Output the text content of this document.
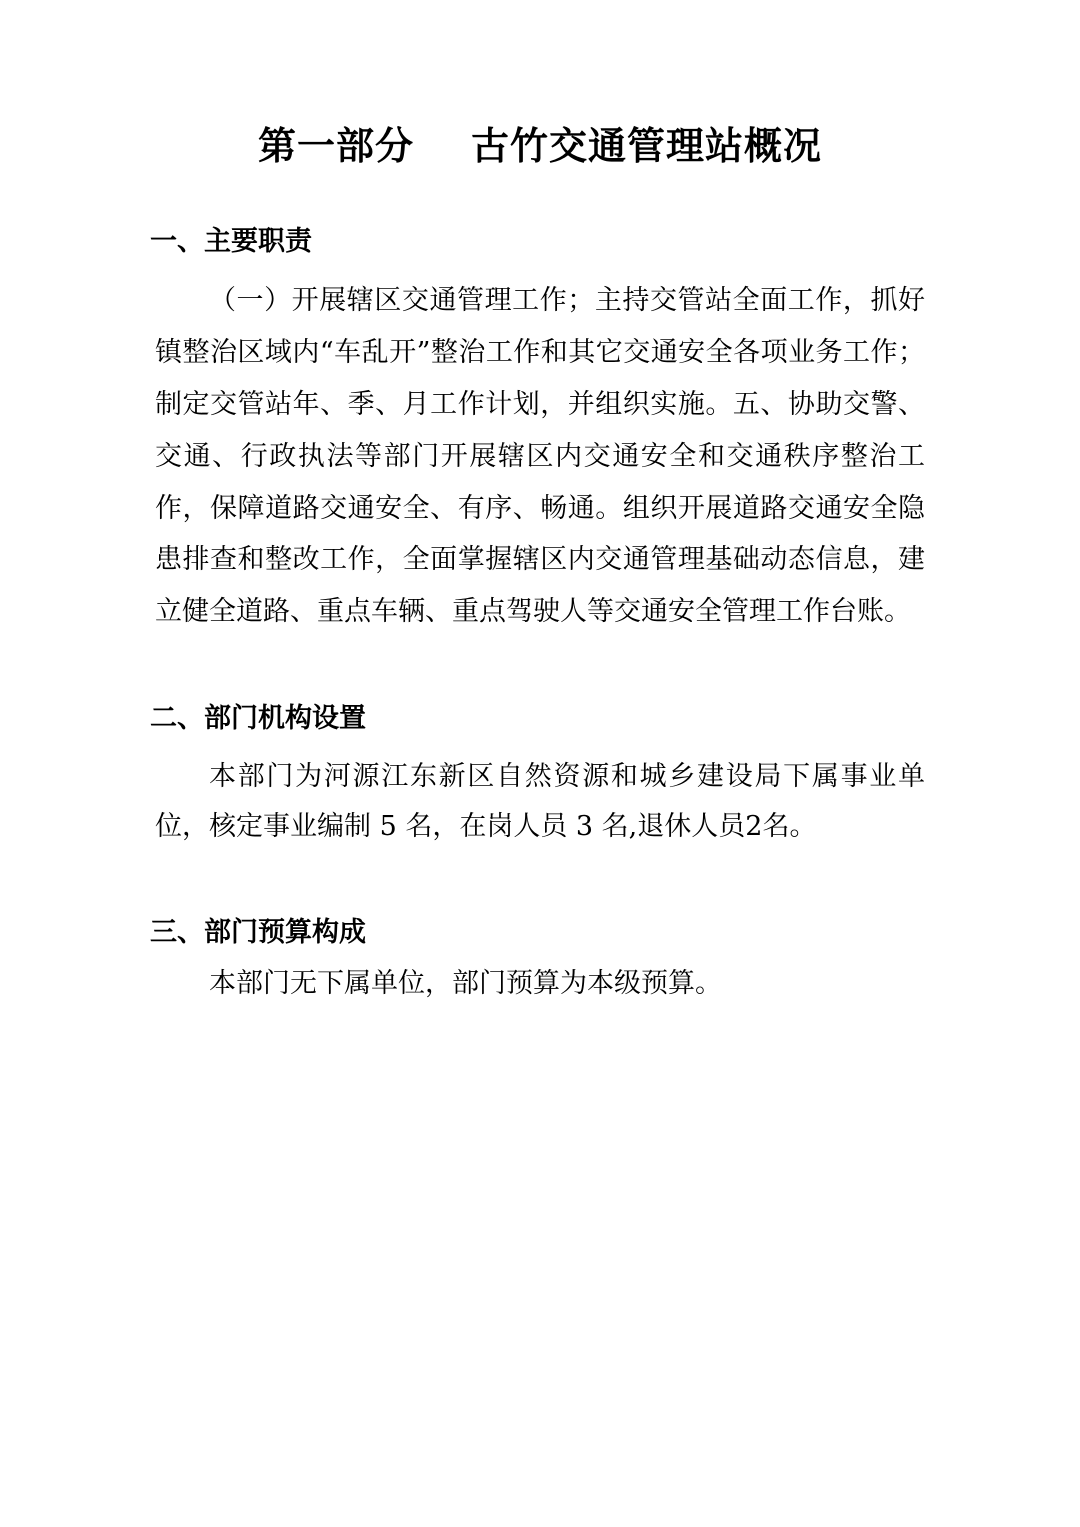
第一部分    古竹交通管理站概况
一、主要职责

（一）开展辖区交通管理工作；主持交管站全面工作，抓好镇整治区域内“车乱开”整治工作和其它交通安全各项业务工作；制定交管站年、季、月工作计划，并组织实施。五、协助交警、交通、行政执法等部门开展辖区内交通安全和交通秩序整治工作，保障道路交通安全、有序、畅通。组织开展道路交通安全隐患排查和整改工作，全面掌握辖区内交通管理基础动态信息，建立健全道路、重点车辆、重点驾驶人等交通安全管理工作台账。

二、部门机构设置

本部门为河源江东新区自然资源和城乡建设局下属事业单位，核定事业编制 5 名，在岗人员 3 名,退休人员2名。

三、部门预算构成

本部门无下属单位，部门预算为本级预算。
